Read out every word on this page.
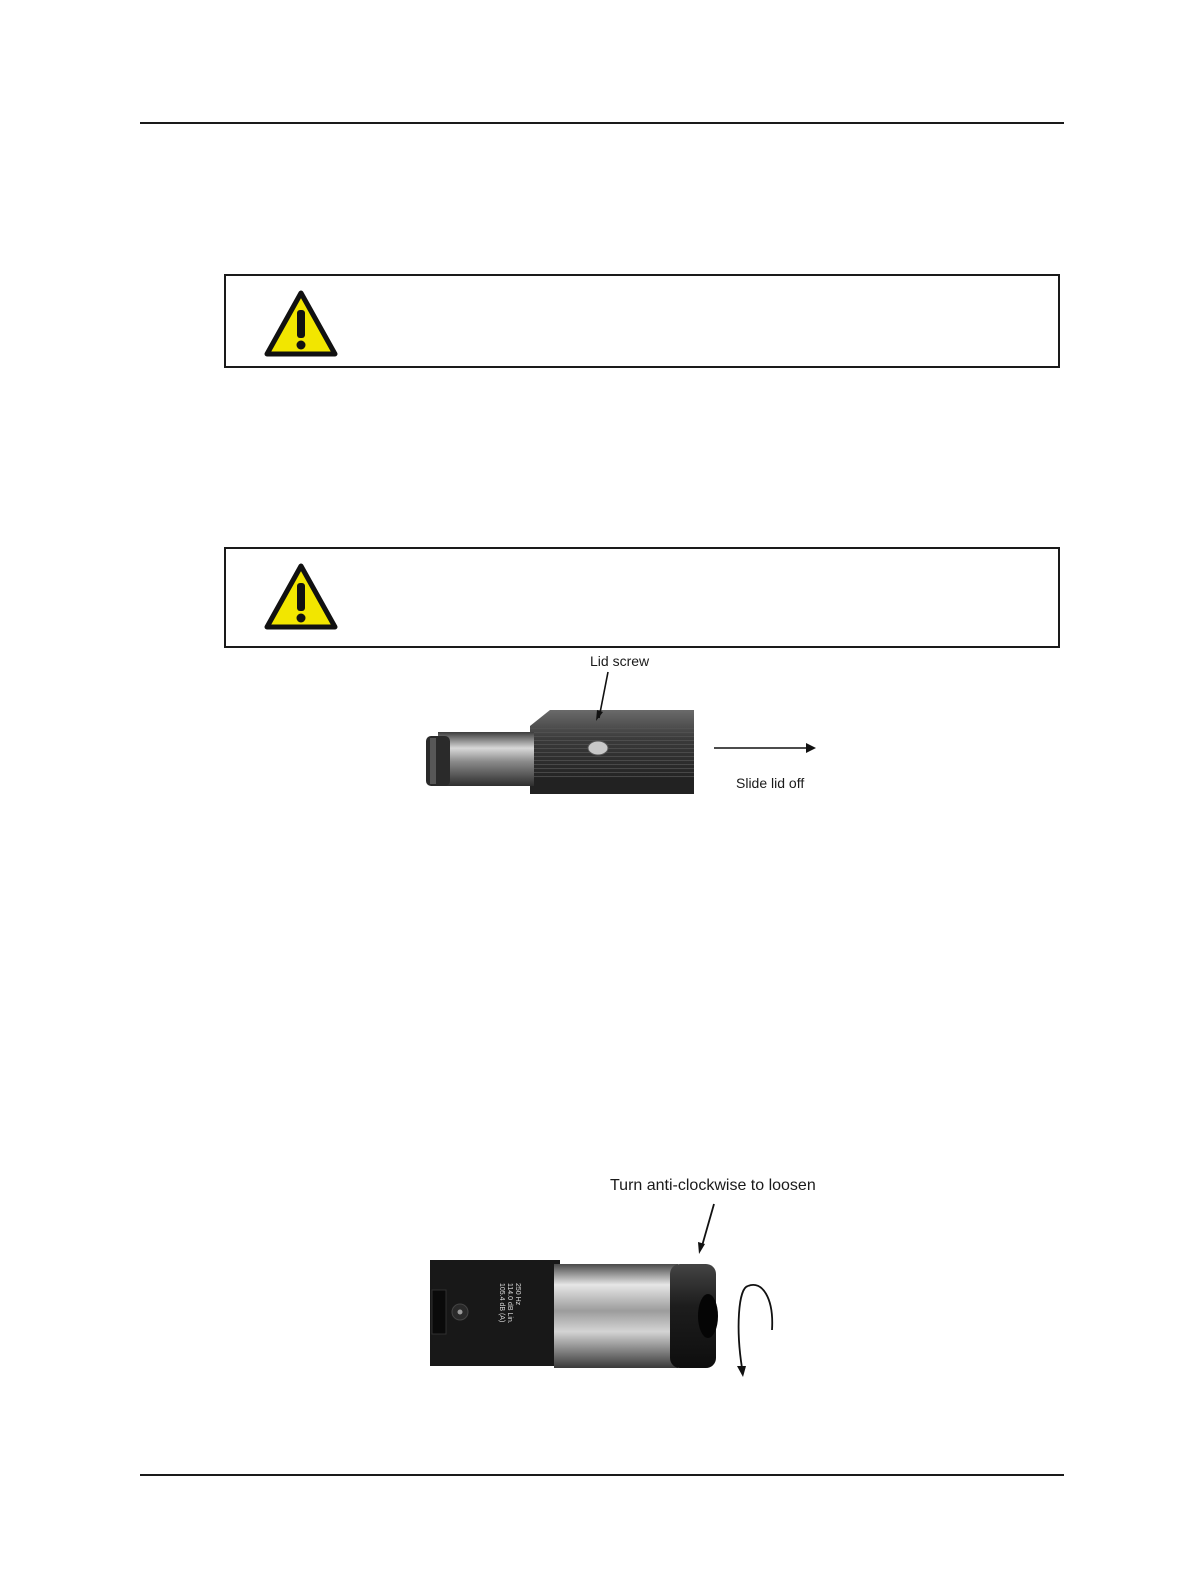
Lid screw
Slide lid off
250 Hz
114.0 dB Lin.
105.4 dB (A)
Turn anti-clockwise to loosen
